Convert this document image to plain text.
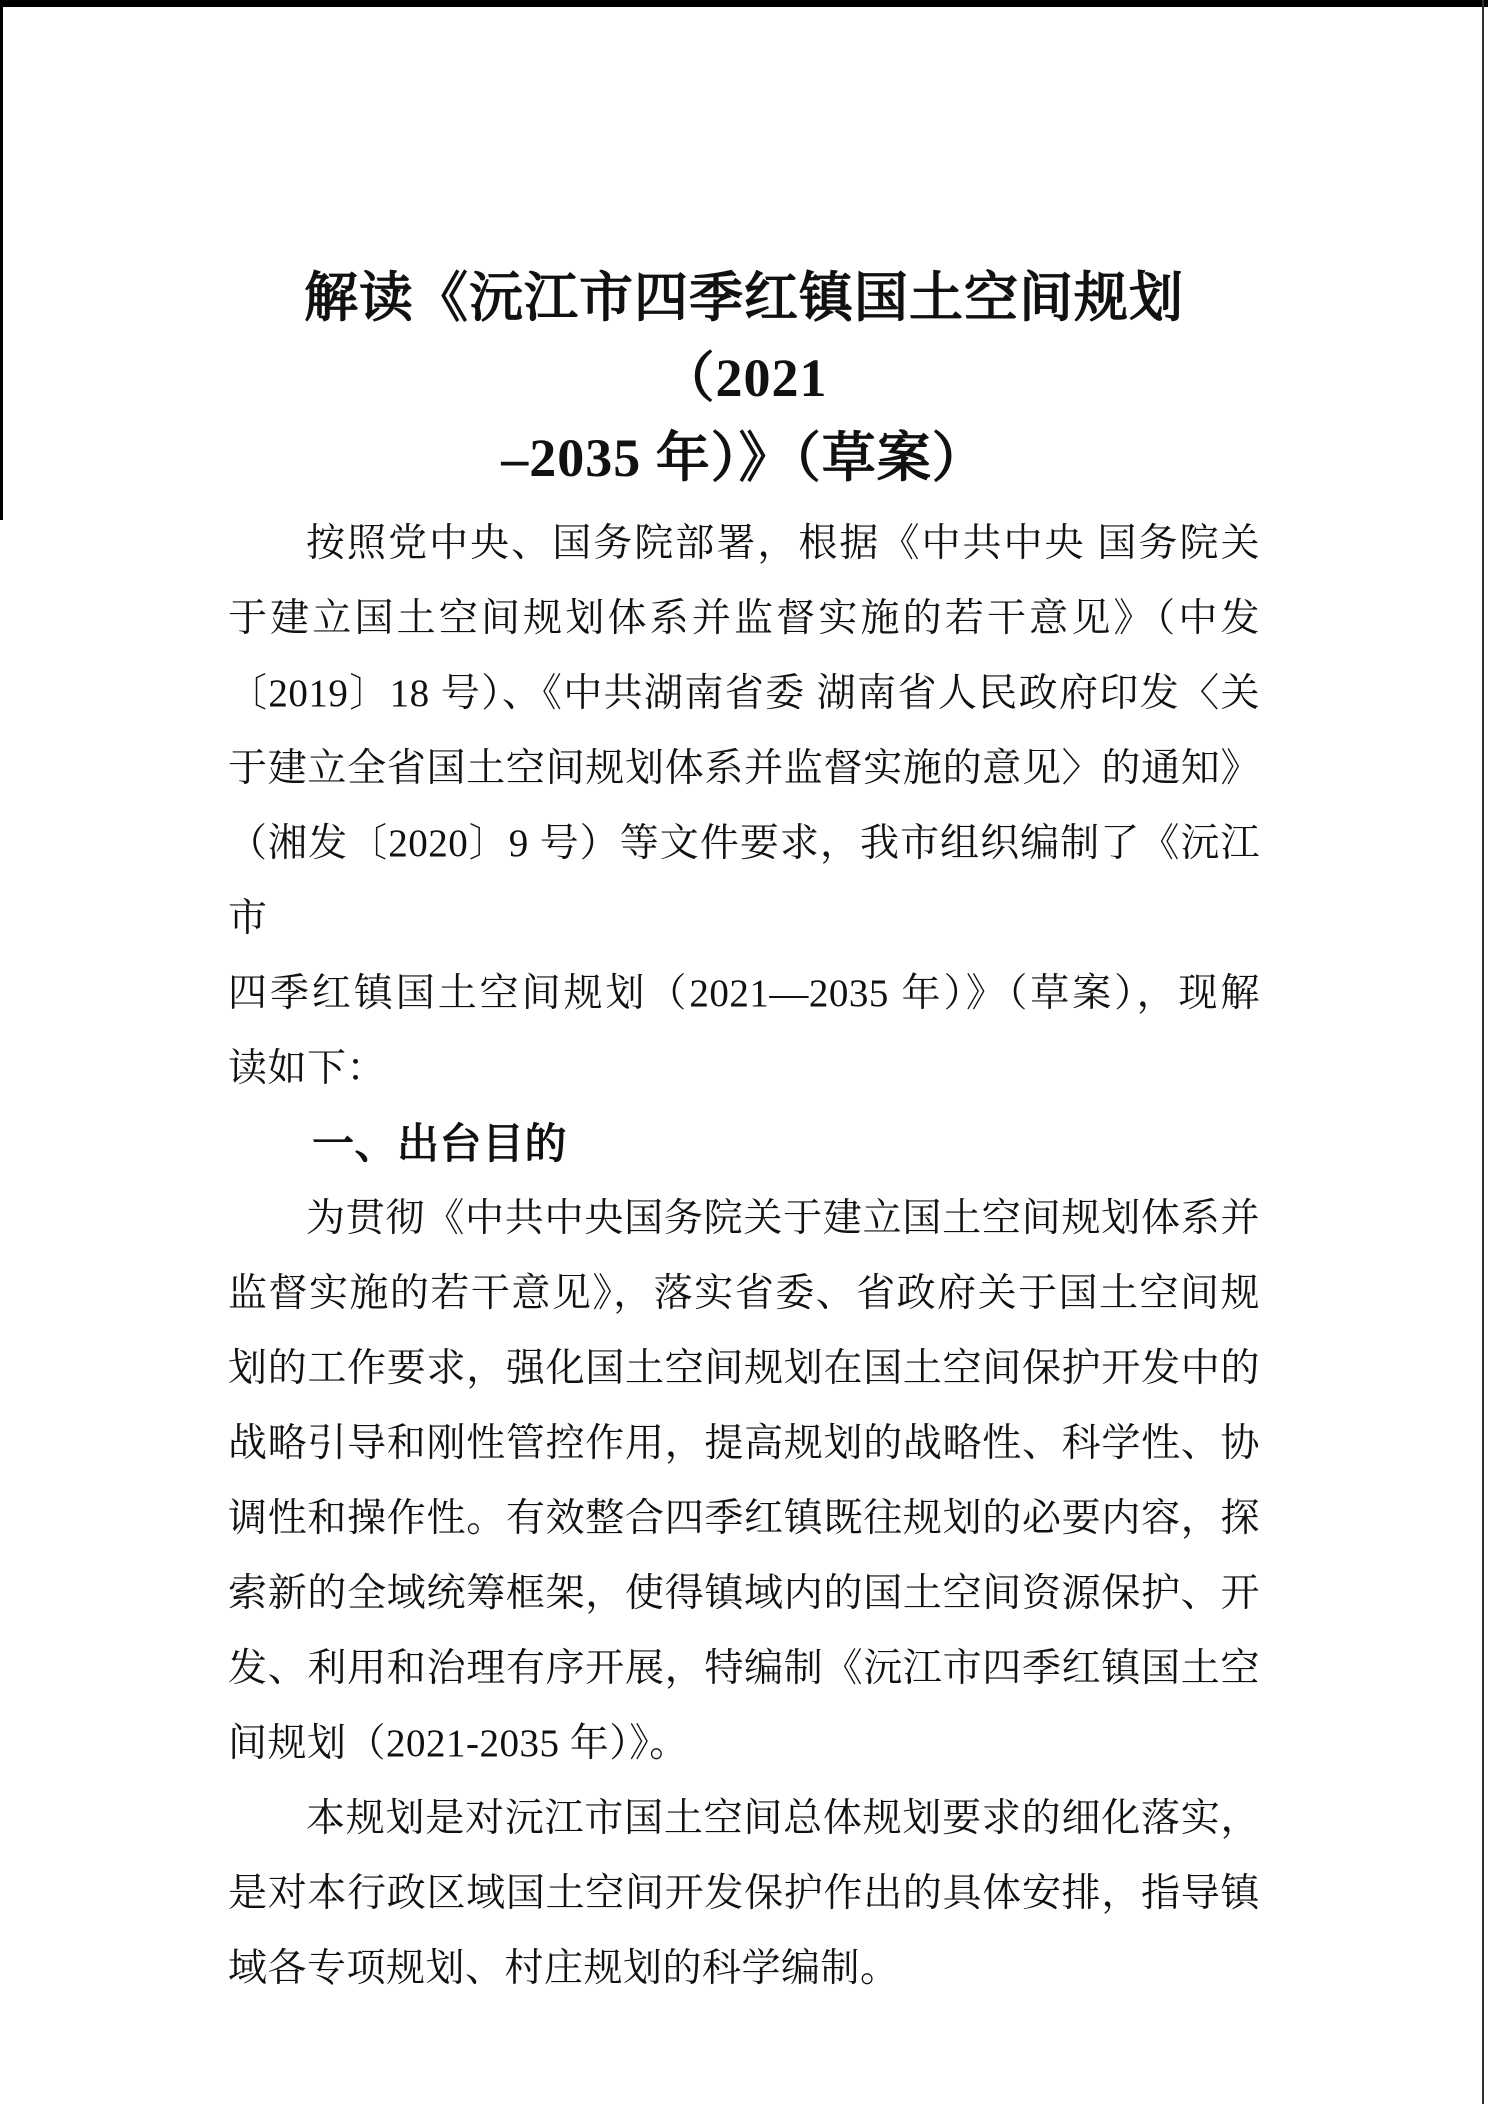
解读《沅江市四季红镇国土空间规划（2021
–2035 年）》（草案）
按照党中央、国务院部署，根据《中共中央 国务院关
于建立国土空间规划体系并监督实施的若干意见》（中发
〔2019〕18 号）、《中共湖南省委 湖南省人民政府印发〈关
于建立全省国土空间规划体系并监督实施的意见〉的通知》
（湘发〔2020〕9 号）等文件要求，我市组织编制了《沅江市
四季红镇国土空间规划（2021—2035 年）》（草案），现解
读如下：
一、出台目的
为贯彻《中共中央国务院关于建立国土空间规划体系并
监督实施的若干意见》，落实省委、省政府关于国土空间规
划的工作要求，强化国土空间规划在国土空间保护开发中的
战略引导和刚性管控作用，提高规划的战略性、科学性、协
调性和操作性。有效整合四季红镇既往规划的必要内容，探
索新的全域统筹框架，使得镇域内的国土空间资源保护、开
发、利用和治理有序开展，特编制《沅江市四季红镇国土空
间规划（2021-2035 年）》。
本规划是对沅江市国土空间总体规划要求的细化落实，
是对本行政区域国土空间开发保护作出的具体安排，指导镇
域各专项规划、村庄规划的科学编制。
